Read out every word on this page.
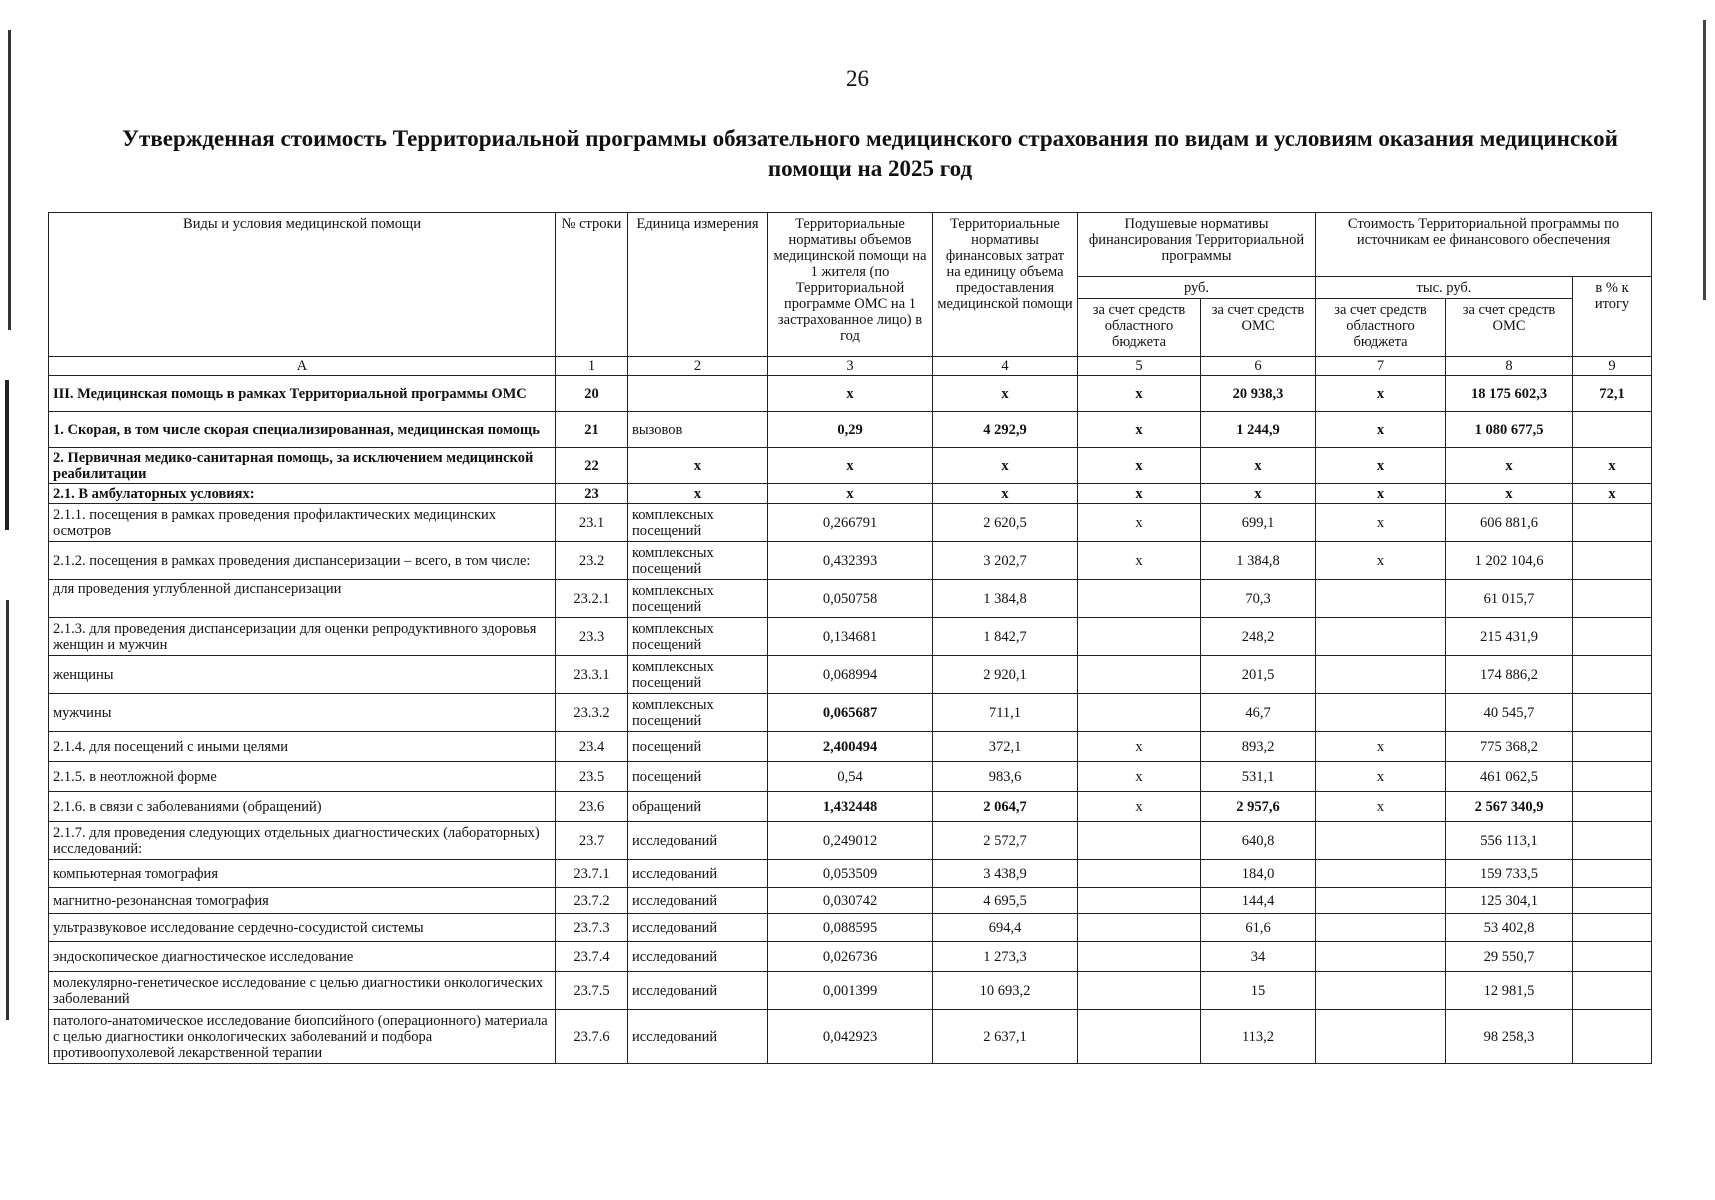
26
Утвержденная стоимость Территориальной программы обязательного медицинского страхования по видам и условиям оказания медицинской помощи на 2025 год
Виды и условия медицинской помощи	№ строки	Единица измерения	Территориальные нормативы объемов медицинской помощи на 1 жителя (по Территориальной программе ОМС на 1 застрахованное лицо) в год	Территориальные нормативы финансовых затрат на единицу объема предоставления медицинской помощи	Подушевые нормативы финансирования Территориальной программы		Стоимость Территориальной программы по источникам ее финансового обеспечения		
					руб.		тыс. руб.		в % к итогу
					за счет средств областного бюджета	за счет средств ОМС	за счет средств областного бюджета	за счет средств ОМС	
А	1	2	3	4	5	6	7	8	9
III. Медицинская помощь в рамках Территориальной программы ОМС	20		х	х	х	20 938,3	х	18 175 602,3	72,1
1. Скорая, в том числе скорая специализированная, медицинская помощь	21	вызовов	0,29	4 292,9	х	1 244,9	х	1 080 677,5	
2. Первичная медико-санитарная помощь, за исключением медицинской реабилитации	22	х	х	х	х	х	х	х	х
2.1. В амбулаторных условиях:	23	х	х	х	х	х	х	х	х
2.1.1. посещения в рамках проведения профилактических медицинских осмотров	23.1	комплексных посещений	0,266791	2 620,5	х	699,1	х	606 881,6	
2.1.2. посещения в рамках проведения диспансеризации – всего, в том числе:	23.2	комплексных посещений	0,432393	3 202,7	х	1 384,8	х	1 202 104,6	
для проведения углубленной диспансеризации	23.2.1	комплексных посещений	0,050758	1 384,8		70,3		61 015,7	
2.1.3. для проведения диспансеризации для оценки репродуктивного здоровья женщин и мужчин	23.3	комплексных посещений	0,134681	1 842,7		248,2		215 431,9	
женщины	23.3.1	комплексных посещений	0,068994	2 920,1		201,5		174 886,2	
мужчины	23.3.2	комплексных посещений	0,065687	711,1		46,7		40 545,7	
2.1.4. для посещений с иными целями	23.4	посещений	2,400494	372,1	х	893,2	х	775 368,2	
2.1.5. в неотложной форме	23.5	посещений	0,54	983,6	х	531,1	х	461 062,5	
2.1.6. в связи с заболеваниями (обращений)	23.6	обращений	1,432448	2 064,7	х	2 957,6	х	2 567 340,9	
2.1.7. для проведения следующих отдельных диагностических (лабораторных) исследований:	23.7	исследований	0,249012	2 572,7		640,8		556 113,1	
компьютерная томография	23.7.1	исследований	0,053509	3 438,9		184,0		159 733,5	
магнитно-резонансная томография	23.7.2	исследований	0,030742	4 695,5		144,4		125 304,1	
ультразвуковое исследование сердечно-сосудистой системы	23.7.3	исследований	0,088595	694,4		61,6		53 402,8	
эндоскопическое диагностическое исследование	23.7.4	исследований	0,026736	1 273,3		34		29 550,7	
молекулярно-генетическое исследование с целью диагностики онкологических заболеваний	23.7.5	исследований	0,001399	10 693,2		15		12 981,5	
патолого-анатомическое исследование биопсийного (операционного) материала с целью диагностики онкологических заболеваний и подбора противоопухолевой лекарственной терапии	23.7.6	исследований	0,042923	2 637,1		113,2		98 258,3	
